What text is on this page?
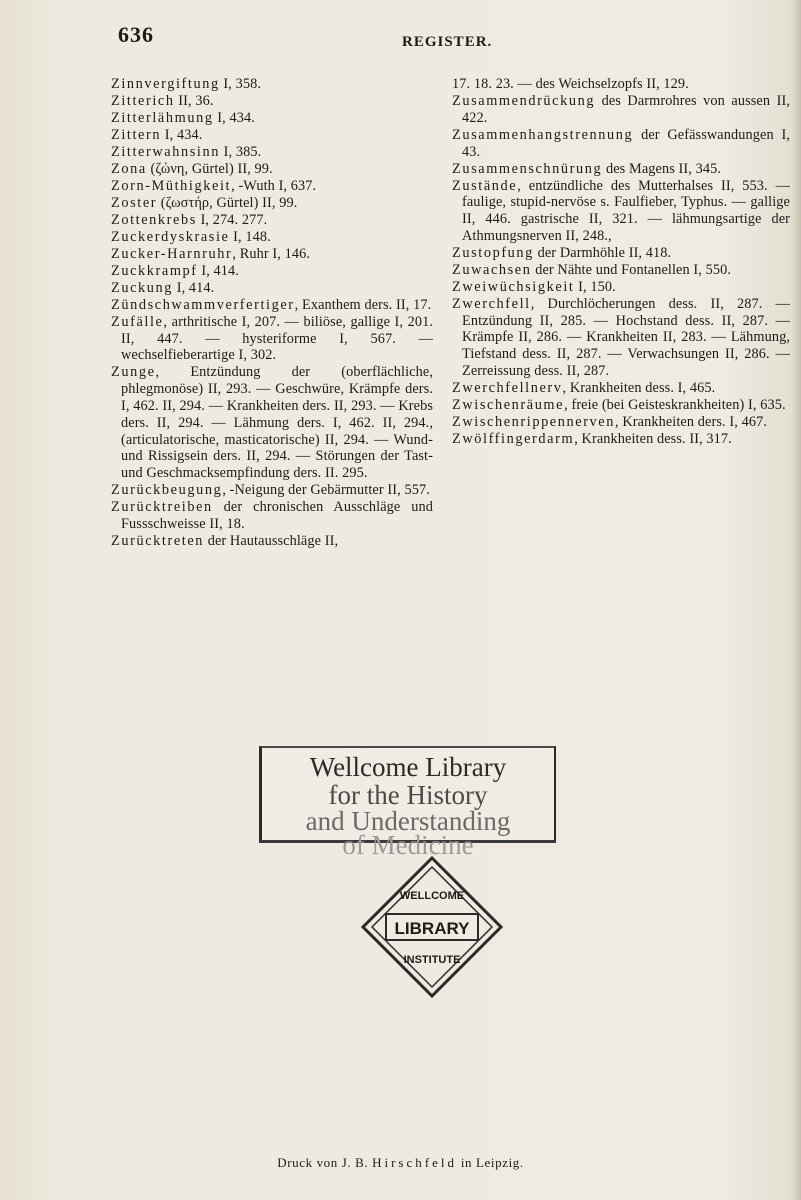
636	REGISTER.
Zinnvergiftung I, 358.
Zitterich II, 36.
Zitterlähmung I, 434.
Zittern I, 434.
Zitterwahnsinn I, 385.
Zona (ζώνη, Gürtel) II, 99.
Zorn-Müthigkeit, -Wuth I, 637.
Zoster (ζωστήρ, Gürtel) II, 99.
Zottenkrebs I, 274. 277.
Zuckerdyskrasie I, 148.
Zucker-Harnruhr, Ruhr I, 146.
Zuckkrampf I, 414.
Zuckung I, 414.
Zündschwammverfertiger, Exanthem ders. II, 17.
Zufälle, arthritische I, 207. — biliöse, gallige I, 201. II, 447. — hysteriforme I, 567. — wechselfieberartige I, 302.
Zunge, Entzündung der (oberflächliche, phlegmonöse) II, 293. — Geschwüre, Krämpfe ders. I, 462. II, 294. — Krankheiten ders. II, 293. — Krebs ders. II, 294. — Lähmung ders. I, 462. II, 294., (articulatorische, masticatorische) II, 294. — Wund- und Rissigsein ders. II, 294. — Störungen der Tast- und Geschmacksempfindung ders. II. 295.
Zurückbeugung, -Neigung der Gebärmutter II, 557.
Zurücktreiben der chronischen Ausschläge und Fussschweisse II, 18.
Zurücktreten der Hautausschläge II,
17. 18. 23. — des Weichselzopfs II, 129.
Zusammendrückung des Darmrohres von aussen II, 422.
Zusammenhangstrennung der Gefässwandungen I, 43.
Zusammenschnürung des Magens II, 345.
Zustände, entzündliche des Mutterhalses II, 553. — faulige, stupid-nervöse s. Faulfieber, Typhus. — gallige II, 446. gastrische II, 321. — lähmungsartige der Athmungsnerven II, 248.,
Zustopfung der Darmhöhle II, 418.
Zuwachsen der Nähte und Fontanellen I, 550.
Zweiwüchsigkeit I, 150.
Zwerchfell, Durchlöcherungen dess. II, 287. — Entzündung II, 285. — Hochstand dess. II, 287. — Krämpfe II, 286. — Krankheiten II, 283. — Lähmung, Tiefstand dess. II, 287. — Verwachsungen II, 286. — Zerreissung dess. II, 287.
Zwerchfellnerv, Krankheiten dess. I, 465.
Zwischenräume, freie (bei Geisteskrankheiten) I, 635.
Zwischenrippennerven, Krankheiten ders. I, 467.
Zwölffingerdarm, Krankheiten dess. II, 317.
Wellcome Library
for the History
and Understanding
of Medicine
LIBRARY
WELLCOME
INSTITUTE
Druck von J. B. Hirschfeld in Leipzig.
